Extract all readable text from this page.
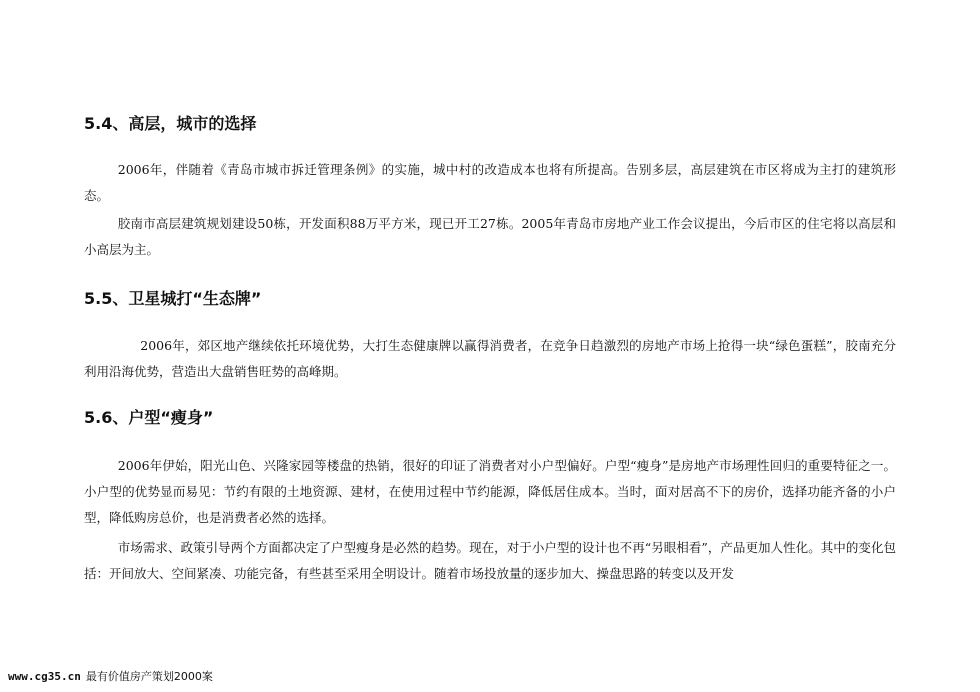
5.4、高层，城市的选择

2006年，伴随着《青岛市城市拆迁管理条例》的实施，城中村的改造成本也将有所提高。告别多层，高层建筑在市区将成为主打的建筑形态。

胶南市高层建筑规划建设50栋，开发面积88万平方米，现已开工27栋。2005年青岛市房地产业工作会议提出，今后市区的住宅将以高层和小高层为主。

5.5、卫星城打“生态牌”

2006年，郊区地产继续依托环境优势，大打生态健康牌以赢得消费者，在竞争日趋激烈的房地产市场上抢得一块“绿色蛋糕”，胶南充分利用沿海优势，营造出大盘销售旺势的高峰期。

5.6、户型“瘦身”

2006年伊始，阳光山色、兴隆家园等楼盘的热销，很好的印证了消费者对小户型偏好。户型“瘦身”是房地产市场理性回归的重要特征之一。小户型的优势显而易见：节约有限的土地资源、建材，在使用过程中节约能源，降低居住成本。当时，面对居高不下的房价，选择功能齐备的小户型，降低购房总价，也是消费者必然的选择。

市场需求、政策引导两个方面都决定了户型瘦身是必然的趋势。现在，对于小户型的设计也不再“另眼相看”，产品更加人性化。其中的变化包括：开间放大、空间紧凑、功能完备，有些甚至采用全明设计。随着市场投放量的逐步加大、操盘思路的转变以及开发

www.cg35.cn 最有价值房产策划2000案
